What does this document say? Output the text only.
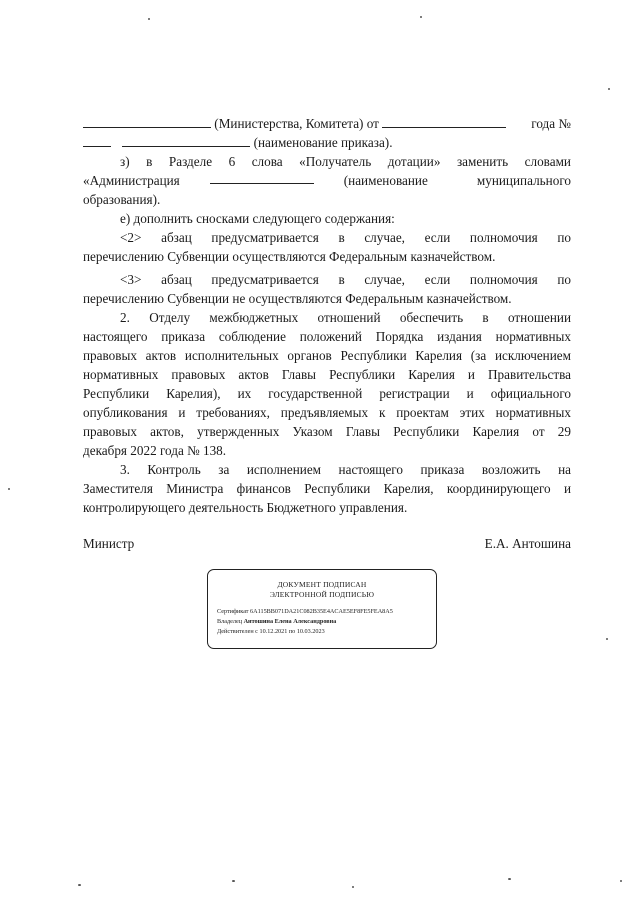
(Министерства, Комитета) от	года №
(наименование приказа).
з) в Разделе 6 слова «Получатель дотации» заменить словами
«Администрация	(наименование муниципального
образования).
е) дополнить сносками следующего содержания:
<2> абзац предусматривается в случае, если полномочия по
перечислению Субвенции осуществляются Федеральным казначейством.
<3> абзац предусматривается в случае, если полномочия по
перечислению Субвенции не осуществляются Федеральным казначейством.
2. Отделу межбюджетных отношений обеспечить в отношении
настоящего приказа соблюдение положений Порядка издания нормативных
правовых актов исполнительных органов Республики Карелия (за исключением
нормативных правовых актов Главы Республики Карелия и Правительства
Республики Карелия), их государственной регистрации и официального
опубликования и требованиях, предъявляемых к проектам этих нормативных
правовых актов, утвержденных Указом Главы Республики Карелия от 29
декабря 2022 года № 138.
3. Контроль за исполнением настоящего приказа возложить на
Заместителя Министра финансов Республики Карелия, координирующего и
контролирующего деятельность Бюджетного управления.
Министр	Е.А. Антошина
ДОКУМЕНТ ПОДПИСАН
ЭЛЕКТРОННОЙ ПОДПИСЬЮ
Сертификат 6A115BB071DA21C082B35E4ACAE5EF8FE5FEA8A5
Владелец Антошина Елена Александровна
Действителен с 10.12.2021 по 10.03.2023
